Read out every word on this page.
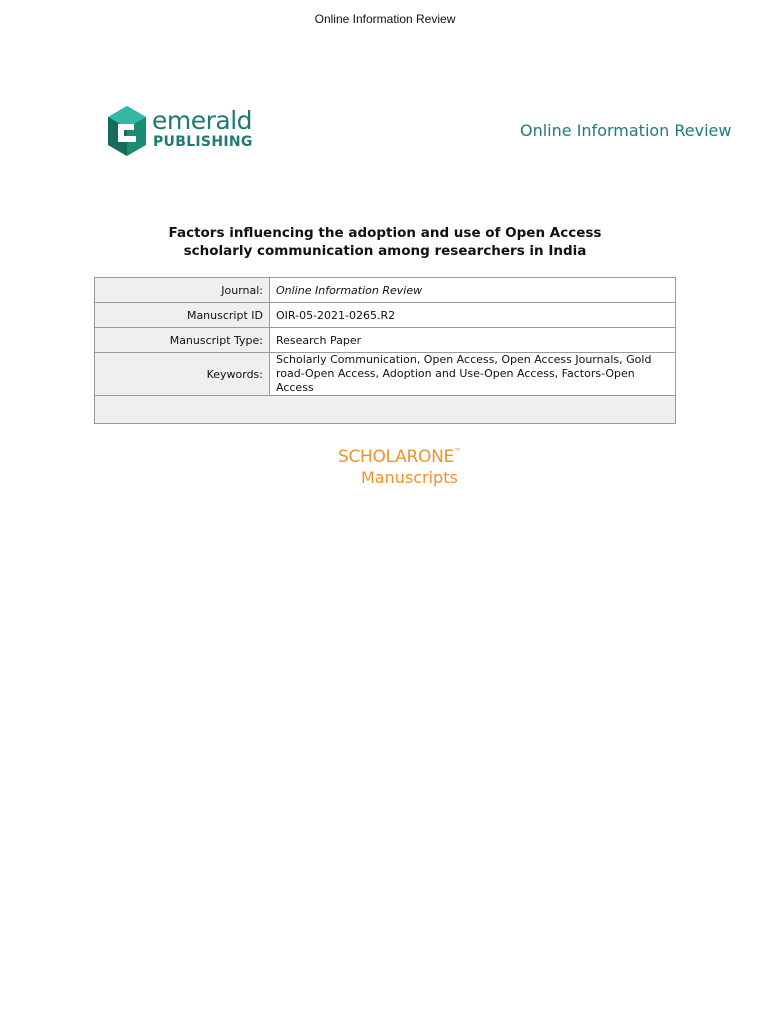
Online Information Review
emerald
PUBLISHING
Online Information Review
Factors influencing the adoption and use of Open Access
scholarly communication among researchers in India
Journal:	Online Information Review
Manuscript ID	OIR-05-2021-0265.R2
Manuscript Type:	Research Paper
Keywords:	Scholarly Communication, Open Access, Open Access Journals, Gold
road-Open Access, Adoption and Use-Open Access, Factors-Open Access

SCHOLARONE™
Manuscripts
